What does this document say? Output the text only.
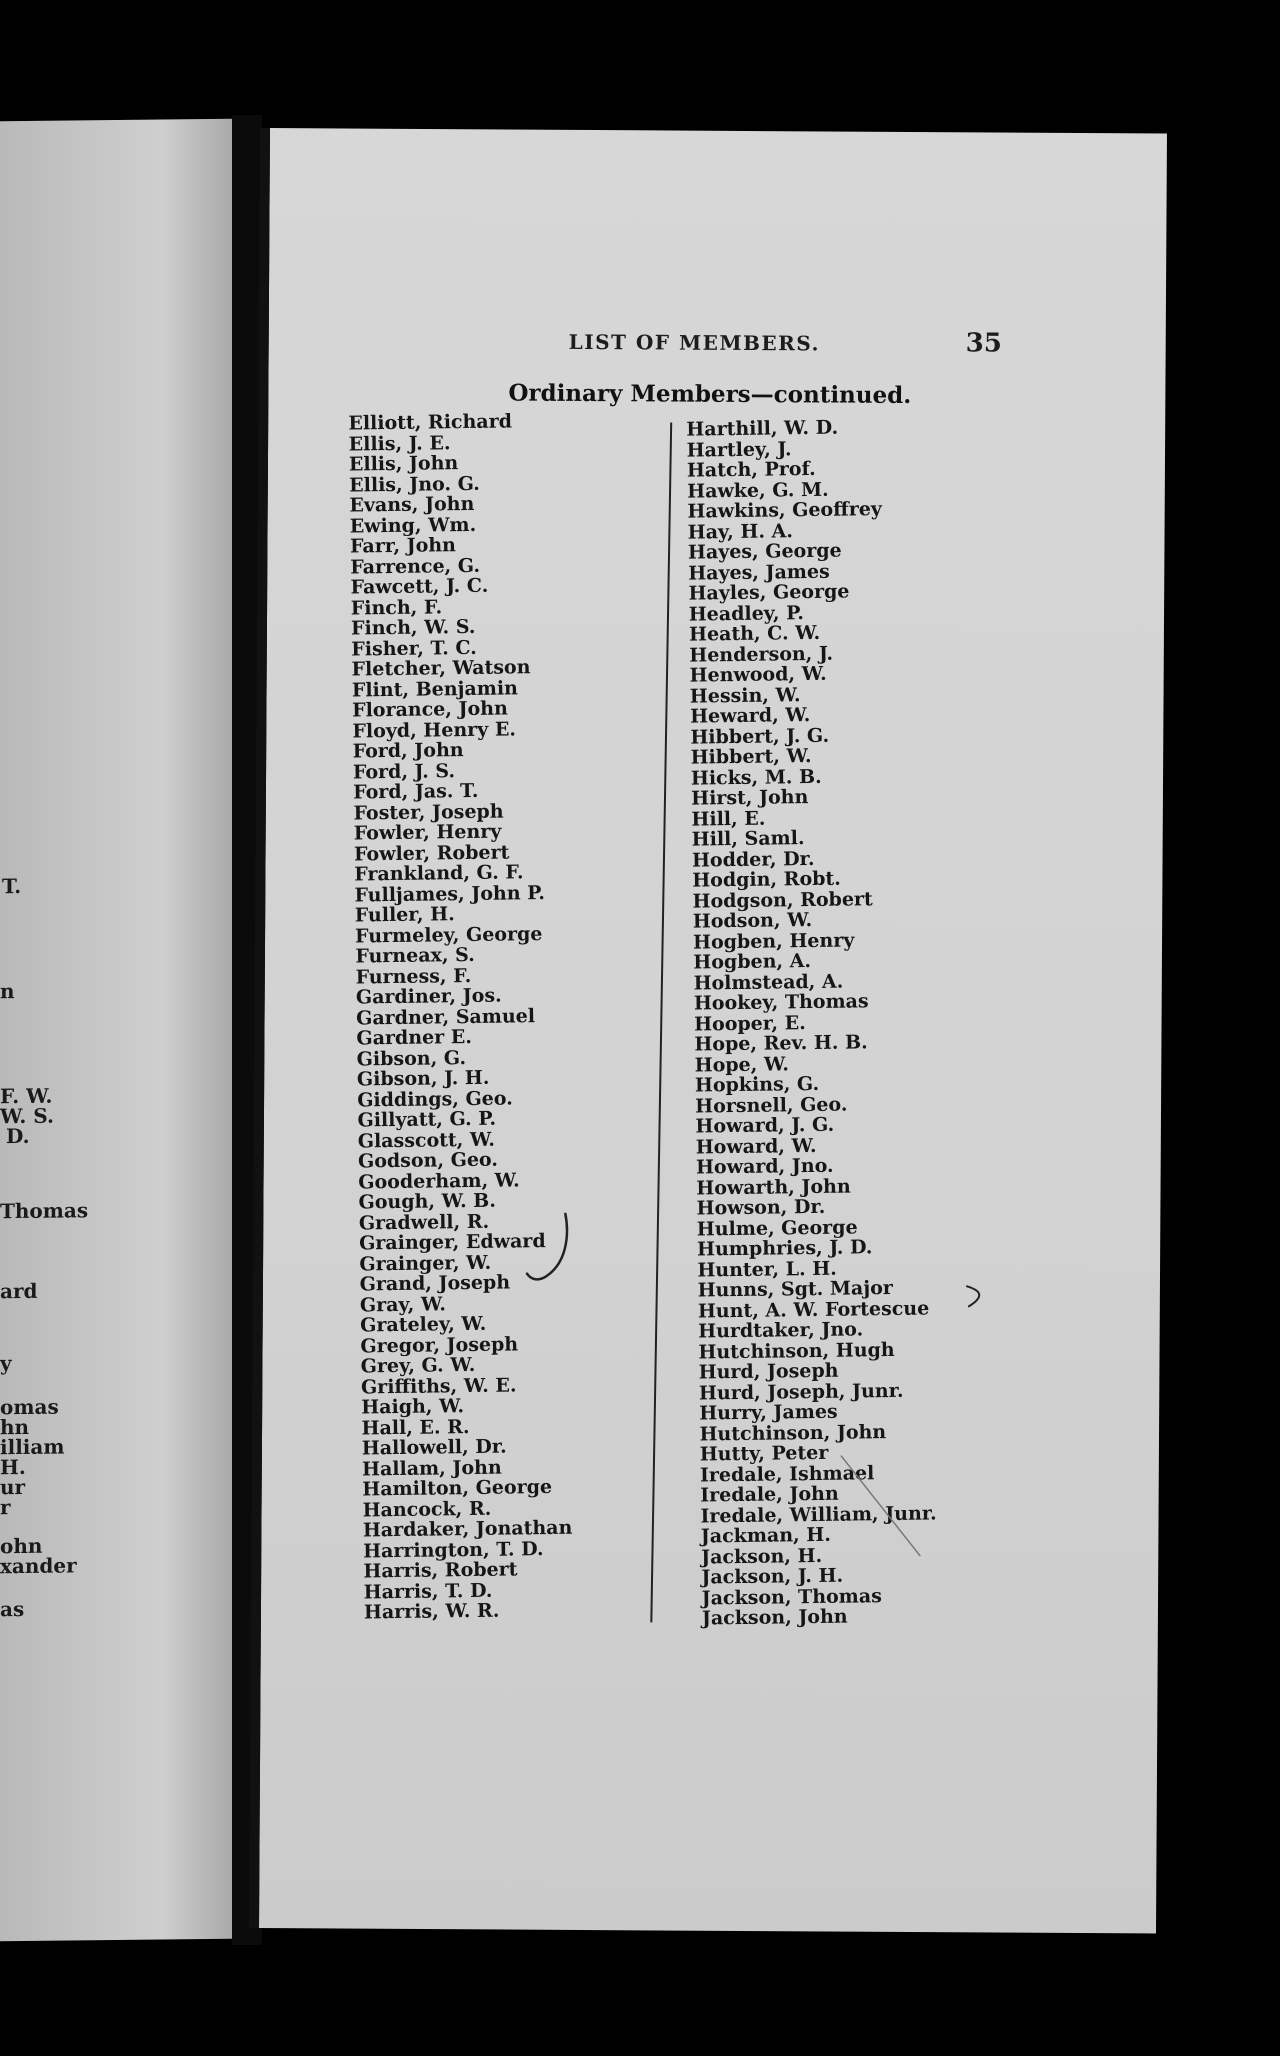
T.
n
F. W.
W. S.
D.
Thomas
ard
y
omas
hn
illiam
H.
ur
r
ohn
xander
as
LIST OF MEMBERS.	35
Ordinary Members—continued.
Elliott, Richard
Ellis, J. E.
Ellis, John
Ellis, Jno. G.
Evans, John
Ewing, Wm.
Farr, John
Farrence, G.
Fawcett, J. C.
Finch, F.
Finch, W. S.
Fisher, T. C.
Fletcher, Watson
Flint, Benjamin
Florance, John
Floyd, Henry E.
Ford, John
Ford, J. S.
Ford, Jas. T.
Foster, Joseph
Fowler, Henry
Fowler, Robert
Frankland, G. F.
Fulljames, John P.
Fuller, H.
Furmeley, George
Furneax, S.
Furness, F.
Gardiner, Jos.
Gardner, Samuel
Gardner E.
Gibson, G.
Gibson, J. H.
Giddings, Geo.
Gillyatt, G. P.
Glasscott, W.
Godson, Geo.
Gooderham, W.
Gough, W. B.
Gradwell, R.
Grainger, Edward
Grainger, W.
Grand, Joseph
Gray, W.
Grateley, W.
Gregor, Joseph
Grey, G. W.
Griffiths, W. E.
Haigh, W.
Hall, E. R.
Hallowell, Dr.
Hallam, John
Hamilton, George
Hancock, R.
Hardaker, Jonathan
Harrington, T. D.
Harris, Robert
Harris, T. D.
Harris, W. R.
Harthill, W. D.
Hartley, J.
Hatch, Prof.
Hawke, G. M.
Hawkins, Geoffrey
Hay, H. A.
Hayes, George
Hayes, James
Hayles, George
Headley, P.
Heath, C. W.
Henderson, J.
Henwood, W.
Hessin, W.
Heward, W.
Hibbert, J. G.
Hibbert, W.
Hicks, M. B.
Hirst, John
Hill, E.
Hill, Saml.
Hodder, Dr.
Hodgin, Robt.
Hodgson, Robert
Hodson, W.
Hogben, Henry
Hogben, A.
Holmstead, A.
Hookey, Thomas
Hooper, E.
Hope, Rev. H. B.
Hope, W.
Hopkins, G.
Horsnell, Geo.
Howard, J. G.
Howard, W.
Howard, Jno.
Howarth, John
Howson, Dr.
Hulme, George
Humphries, J. D.
Hunter, L. H.
Hunns, Sgt. Major
Hunt, A. W. Fortescue
Hurdtaker, Jno.
Hutchinson, Hugh
Hurd, Joseph
Hurd, Joseph, Junr.
Hurry, James
Hutchinson, John
Hutty, Peter
Iredale, Ishmael
Iredale, John
Iredale, William, Junr.
Jackman, H.
Jackson, H.
Jackson, J. H.
Jackson, Thomas
Jackson, John
